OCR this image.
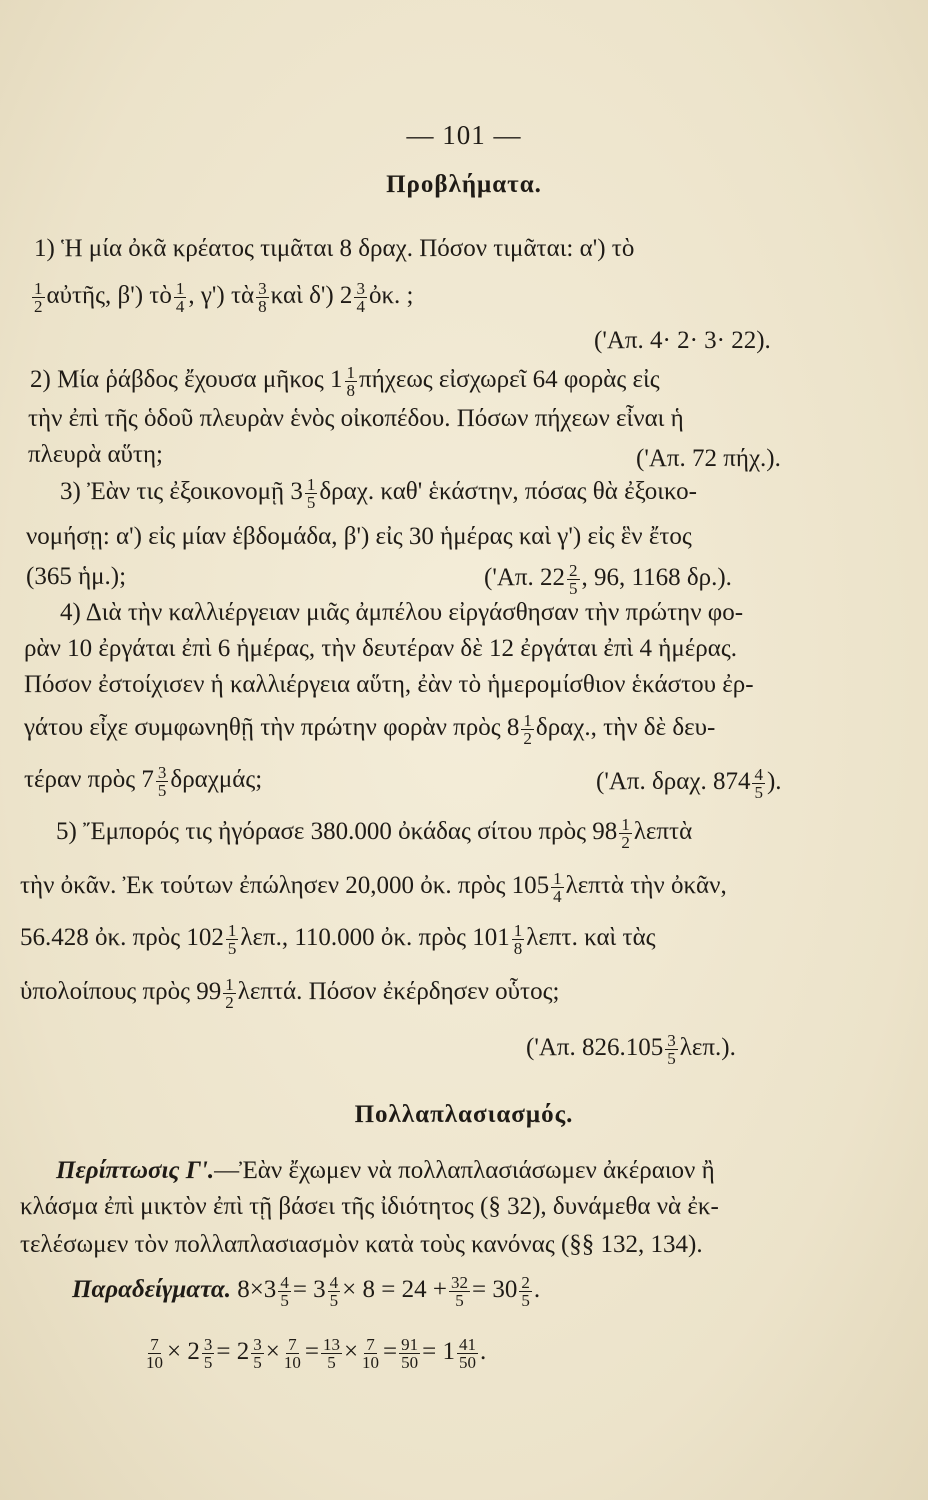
— 101 —
Προβλήματα.
1) Ἡ μία ὀκᾶ κρέατος τιμᾶται 8 δραχ. Πόσον τιμᾶται: α') τὸ
$\frac{1}{2}$ αὐτῆς, β') τὸ $\frac{1}{4}$ , γ') τὰ $\frac{3}{8}$ καὶ δ') $2 \frac{3}{4}$ ὀκ. ;
('Απ. 4· 2· 3· 22).
2) Μία ῥάβδος ἔχουσα μῆκος $1 \frac{1}{8}$ πήχεως εἰσχωρεῖ 64 φορὰς εἰς
τὴν ἐπὶ τῆς ὁδοῦ πλευρὰν ἑνὸς οἰκοπέδου. Πόσων πήχεων εἶναι ἡ
πλευρὰ αὕτη;	('Απ. 72 πήχ.).
3) Ἐὰν τις ἐξοικονομῇ $3 \frac{1}{5} \delta\rho\alpha\chi$. καθ' ἑκάστην, πόσας θὰ ἐξοικο-
νομήσῃ: α') εἰς μίαν ἑβδομάδα, β') εἰς 30 ἡμέρας καὶ γ') εἰς ἓν ἔτος
(365 ἡμ.);	('Απ. $22 \frac{2}{5}$ , 96, 1168 δρ.).
4) Διὰ τὴν καλλιέργειαν μιᾶς ἀμπέλου εἰργάσθησαν τὴν πρώτην φο-
ρὰν 10 ἐργάται ἐπὶ 6 ἡμέρας, τὴν δευτέραν δὲ 12 ἐργάται ἐπὶ 4 ἡμέρας.
Πόσον ἐστοίχισεν ἡ καλλιέργεια αὕτη, ἐὰν τὸ ἡμερομίσθιον ἑκάστου ἐρ-
γάτου εἶχε συμφωνηθῇ τὴν πρώτην φορὰν πρὸς $8 \frac{1}{2} \delta\rho\alpha\chi$., τὴν δὲ δευ-
τέραν πρὸς $7 \frac{3}{5} \delta\rho\alpha\chi\mu ά\varsigma$;	('Απ. δραχ. $874 \frac{4}{5}$ ).
5) Ἔμπορός τις ἠγόρασε 380.000 ὀκάδας σίτου πρὸς $98 \frac{1}{2}$ λεπτὰ
τὴν ὀκᾶν. Ἐκ τούτων ἐπώλησεν 20,000 ὀκ. πρὸς $105 \frac{1}{4}$ λεπτὰ τὴν ὀκᾶν,
56.428 ὀκ. πρὸς $102 \frac{1}{5} \lambda\varepsilon\pi$., 110.000 ὀκ. πρὸς $101 \frac{1}{8} \lambda\varepsilon\pi\tau$. καὶ τὰς
ὑπολοίπους πρὸς $99 \frac{1}{2} \lambda\varepsilon\pi\tau ά$. Πόσον ἐκέρδησεν οὗτος;
('Απ. $826.105 \frac{3}{5} \lambda\varepsilon\pi$.).
Πολλαπλασιασμός.
Περίπτωσις Γ'.—Ἐὰν ἔχωμεν νὰ πολλαπλασιάσωμεν ἀκέραιον ἢ
κλάσμα ἐπὶ μικτὸν ἐπὶ τῇ βάσει τῆς ἰδιότητος (§ 32), δυνάμεθα νὰ ἐκ-
τελέσωμεν τὸν πολλαπλασιασμὸν κατὰ τοὺς κανόνας (§§ 132, 134).
Παραδείγματα. $8\times 3 \frac{4}{5} = 3 \frac{4}{5} \times 8 = 24 + \frac{32}{5} = 30 \frac{2}{5}$ .
$\frac{7}{10} \times 2 \frac{3}{5} = 2 \frac{3}{5} \times \frac{7}{10} = \frac{13}{5} \times \frac{7}{10} = \frac{91}{50} = 1 \frac{41}{50}$ .
